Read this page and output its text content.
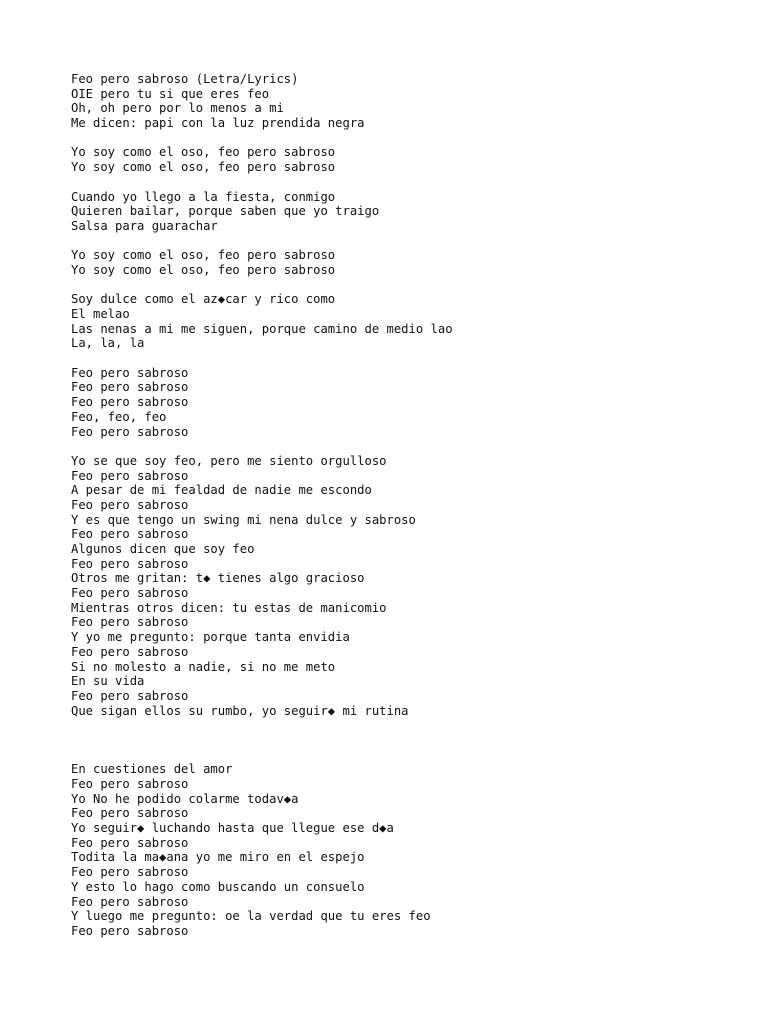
Feo pero sabroso (Letra/Lyrics)
OIE pero tu si que eres feo
Oh, oh pero por lo menos a mi
Me dicen: papi con la luz prendida negra
Yo soy como el oso, feo pero sabroso
Yo soy como el oso, feo pero sabroso
Cuando yo llego a la fiesta, conmigo
Quieren bailar, porque saben que yo traigo
Salsa para guarachar
Yo soy como el oso, feo pero sabroso
Yo soy como el oso, feo pero sabroso
Soy dulce como el az◆car y rico como
El melao
Las nenas a mi me siguen, porque camino de medio lao
La, la, la
Feo pero sabroso
Feo pero sabroso
Feo pero sabroso
Feo, feo, feo
Feo pero sabroso
Yo se que soy feo, pero me siento orgulloso
Feo pero sabroso
A pesar de mi fealdad de nadie me escondo
Feo pero sabroso
Y es que tengo un swing mi nena dulce y sabroso
Feo pero sabroso
Algunos dicen que soy feo
Feo pero sabroso
Otros me gritan: t◆ tienes algo gracioso
Feo pero sabroso
Mientras otros dicen: tu estas de manicomio
Feo pero sabroso
Y yo me pregunto: porque tanta envidia
Feo pero sabroso
Si no molesto a nadie, si no me meto
En su vida
Feo pero sabroso
Que sigan ellos su rumbo, yo seguir◆ mi rutina
En cuestiones del amor
Feo pero sabroso
Yo No he podido colarme todav◆a
Feo pero sabroso
Yo seguir◆ luchando hasta que llegue ese d◆a
Feo pero sabroso
Todita la ma◆ana yo me miro en el espejo
Feo pero sabroso
Y esto lo hago como buscando un consuelo
Feo pero sabroso
Y luego me pregunto: oe la verdad que tu eres feo
Feo pero sabroso
